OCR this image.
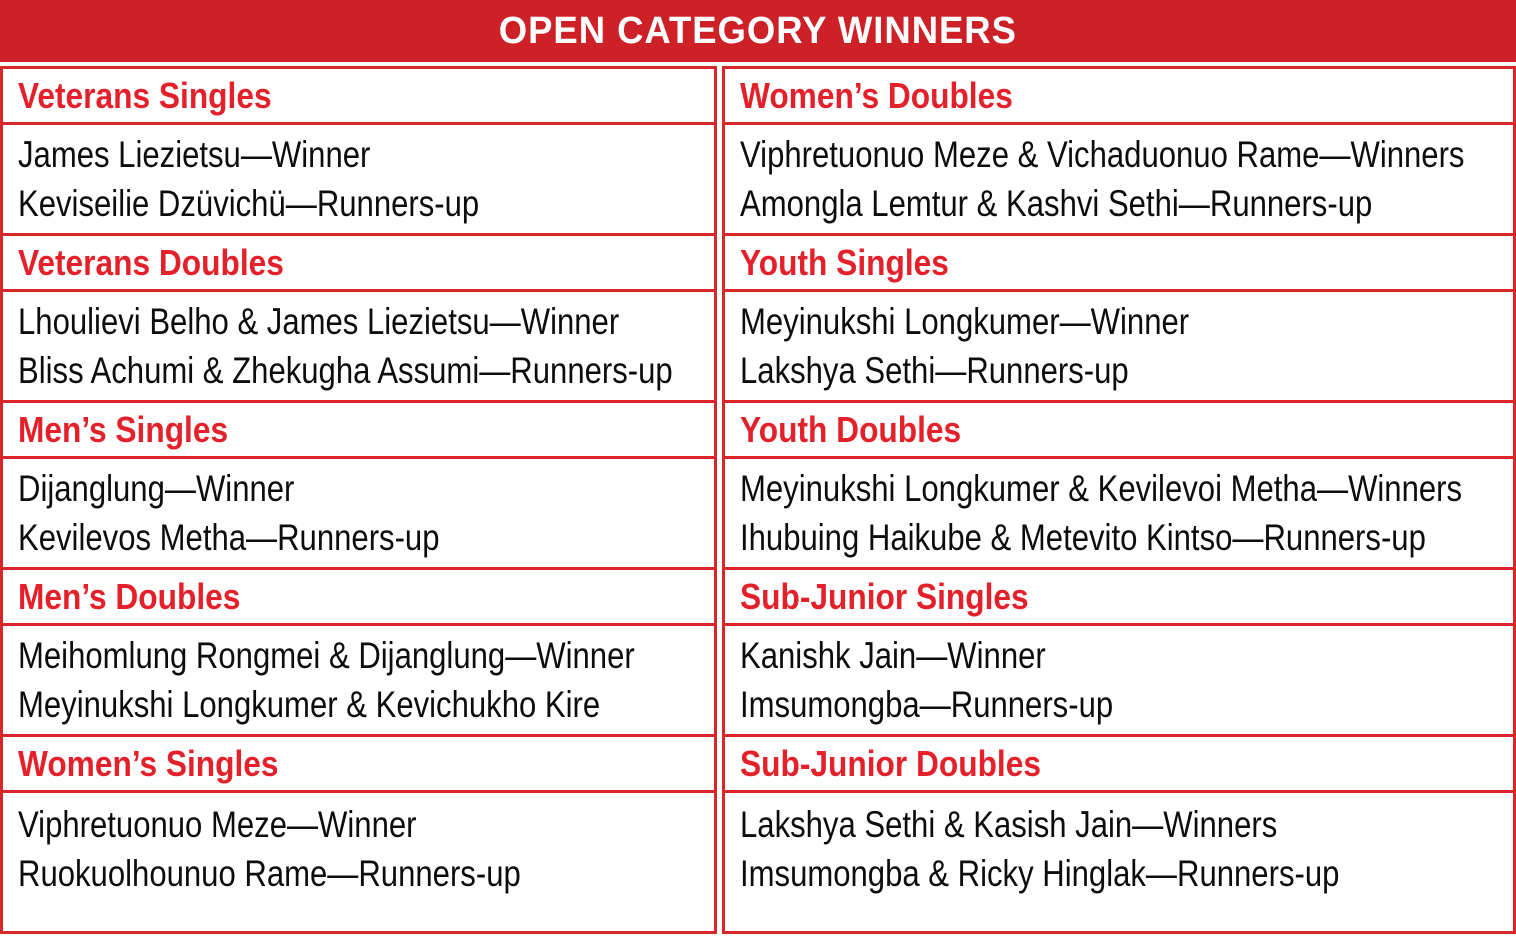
OPEN CATEGORY WINNERS
Veterans Singles
James Liezietsu—Winner
Keviseilie Dzüvichü—Runners-up
Veterans Doubles
Lhoulievi Belho & James Liezietsu—Winner
Bliss Achumi & Zhekugha Assumi—Runners-up
Men’s Singles
Dijanglung—Winner
Kevilevos Metha—Runners-up
Men’s Doubles
Meihomlung Rongmei & Dijanglung—Winner
Meyinukshi Longkumer & Kevichukho Kire
Women’s Singles
Viphretuonuo Meze—Winner
Ruokuolhounuo Rame—Runners-up
Women’s Doubles
Viphretuonuo Meze & Vichaduonuo Rame—Winners
Amongla Lemtur & Kashvi Sethi—Runners-up
Youth Singles
Meyinukshi Longkumer—Winner
Lakshya Sethi—Runners-up
Youth Doubles
Meyinukshi Longkumer & Kevilevoi Metha—Winners
Ihubuing Haikube & Metevito Kintso—Runners-up
Sub-Junior Singles
Kanishk Jain—Winner
Imsumongba—Runners-up
Sub-Junior Doubles
Lakshya Sethi & Kasish Jain—Winners
Imsumongba & Ricky Hinglak—Runners-up
